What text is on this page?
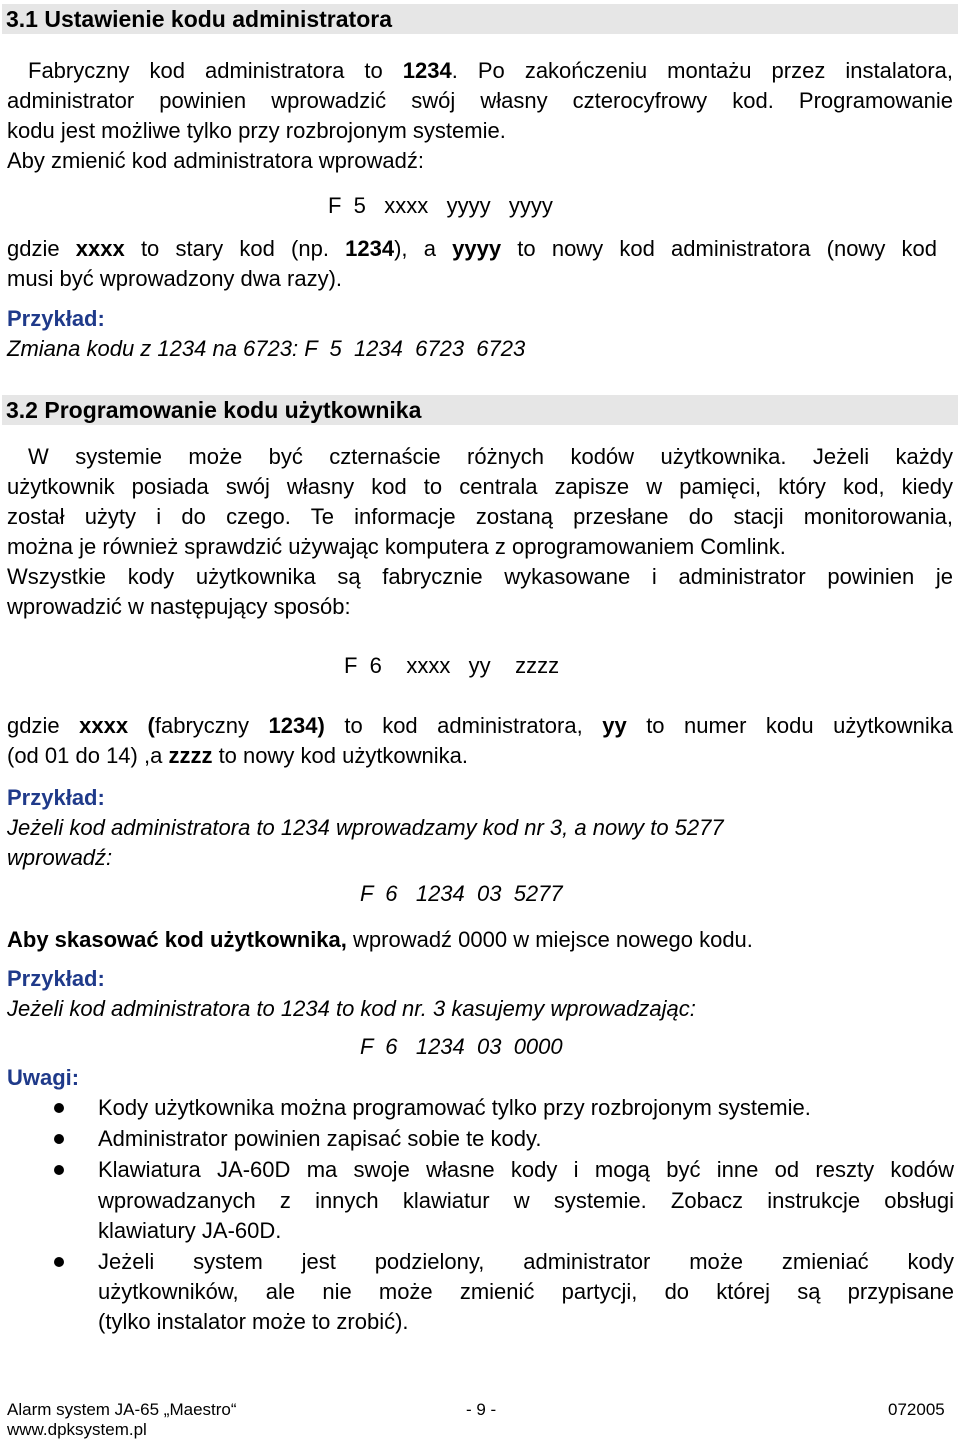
3.1 Ustawienie kodu administratora
Fabryczny kod administratora to 1234. Po zakończeniu montażu przez instalatora,
administrator powinien wprowadzić swój własny czterocyfrowy kod. Programowanie
kodu jest możliwe tylko przy rozbrojonym systemie.
Aby zmienić kod administratora wprowadź:
F  5   xxxx   yyyy   yyyy
gdzie xxxx to stary kod (np. 1234), a yyyy to nowy kod administratora (nowy kod
musi być wprowadzony dwa razy).
Przykład:
Zmiana kodu z 1234 na 6723: F  5  1234  6723  6723
3.2 Programowanie kodu użytkownika
W systemie może być czternaście różnych kodów użytkownika. Jeżeli każdy
użytkownik posiada swój własny kod to centrala zapisze w pamięci, który kod, kiedy
został użyty i do czego. Te informacje zostaną przesłane do stacji monitorowania,
można je również sprawdzić używając komputera z oprogramowaniem Comlink.
Wszystkie kody użytkownika są fabrycznie wykasowane i administrator powinien je
wprowadzić w następujący sposób:
F  6    xxxx   yy    zzzz
gdzie xxxx (fabryczny 1234) to kod administratora, yy to numer kodu użytkownika
(od 01 do 14) ,a zzzz to nowy kod użytkownika.
Przykład:
Jeżeli kod administratora to 1234 wprowadzamy kod nr 3, a nowy to 5277
wprowadź:
F  6   1234  03  5277
Aby skasować kod użytkownika, wprowadź 0000 w miejsce nowego kodu.
Przykład:
Jeżeli kod administratora to 1234 to kod nr. 3 kasujemy wprowadzając:
F  6   1234  03  0000
Uwagi:
Kody użytkownika można programować tylko przy rozbrojonym systemie.
Administrator powinien zapisać sobie te kody.
Klawiatura JA-60D ma swoje własne kody i mogą być inne od reszty kodów
wprowadzanych z innych klawiatur w systemie. Zobacz instrukcje obsługi
klawiatury JA-60D.
Jeżeli system jest podzielony, administrator może zmieniać kody
użytkowników, ale nie może zmienić partycji, do której są przypisane
(tylko instalator może to zrobić).
Alarm system JA-65 „Maestro“	- 9 -	072005
www.dpksystem.pl
